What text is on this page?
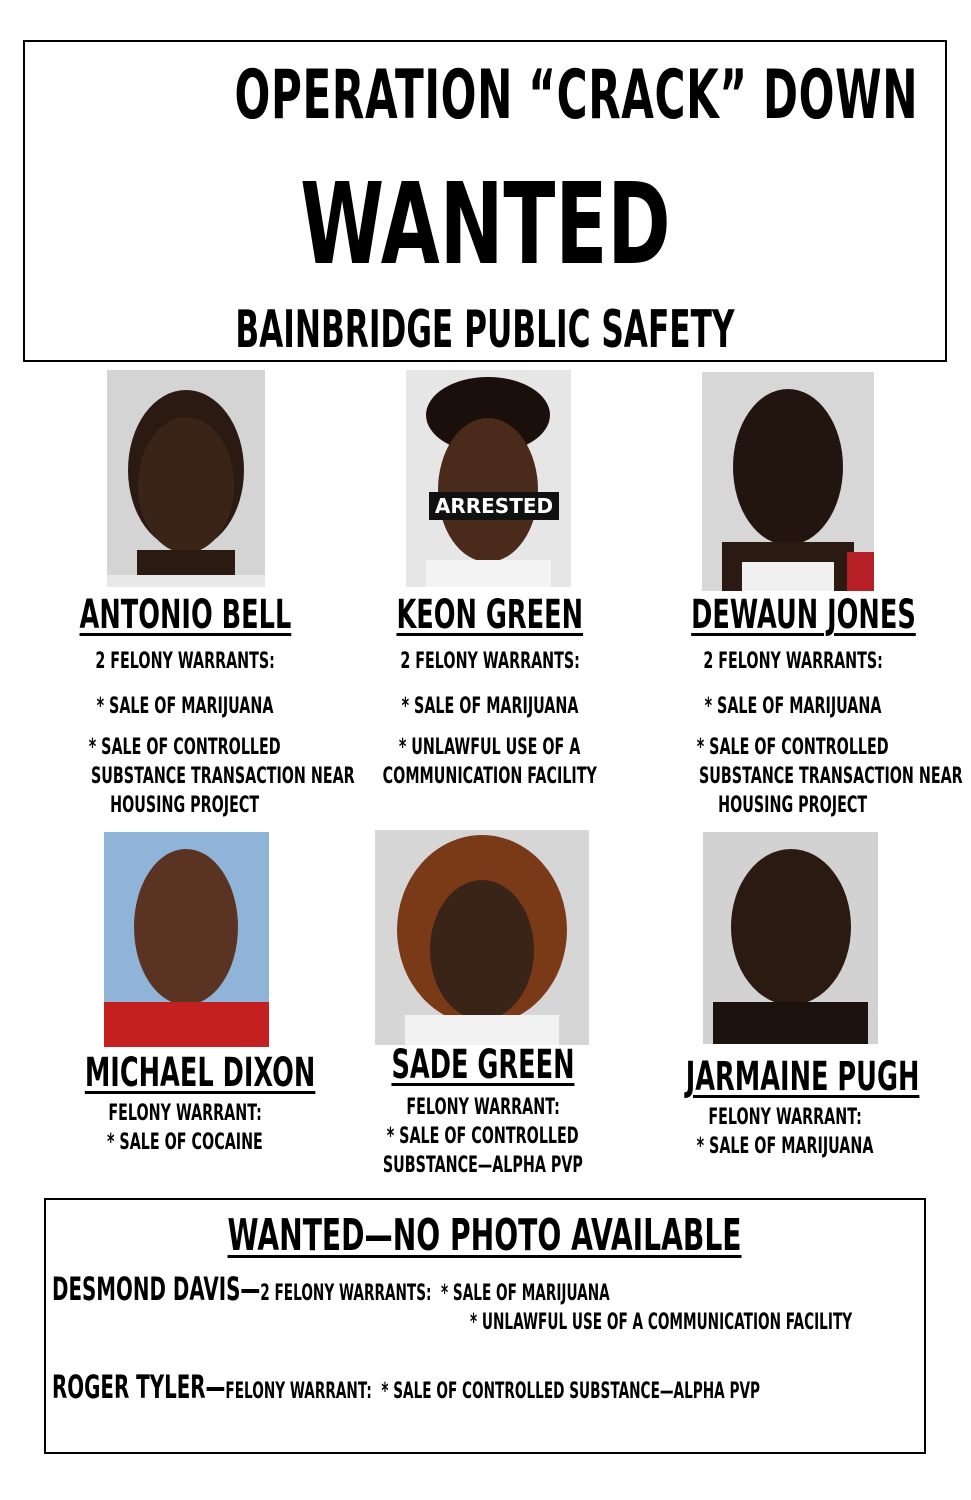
OPERATION “CRACK” DOWN
WANTED
BAINBRIDGE PUBLIC SAFETY
ANTONIO BELL
2 FELONY WARRANTS:
* SALE OF MARIJUANA
* SALE OF CONTROLLED
SUBSTANCE TRANSACTION NEAR
HOUSING PROJECT
ARRESTED
KEON GREEN
2 FELONY WARRANTS:
* SALE OF MARIJUANA
* UNLAWFUL USE OF A
COMMUNICATION FACILITY
DEWAUN JONES
2 FELONY WARRANTS:
* SALE OF MARIJUANA
* SALE OF CONTROLLED
SUBSTANCE TRANSACTION NEAR
HOUSING PROJECT
MICHAEL DIXON
FELONY WARRANT:
* SALE OF COCAINE
SADE GREEN
FELONY WARRANT:
* SALE OF CONTROLLED
SUBSTANCE—ALPHA PVP
JARMAINE PUGH
FELONY WARRANT:
* SALE OF MARIJUANA
WANTED—NO PHOTO AVAILABLE
DESMOND DAVIS—2 FELONY WARRANTS: * SALE OF MARIJUANA
* UNLAWFUL USE OF A COMMUNICATION FACILITY
ROGER TYLER—FELONY WARRANT: * SALE OF CONTROLLED SUBSTANCE—ALPHA PVP
